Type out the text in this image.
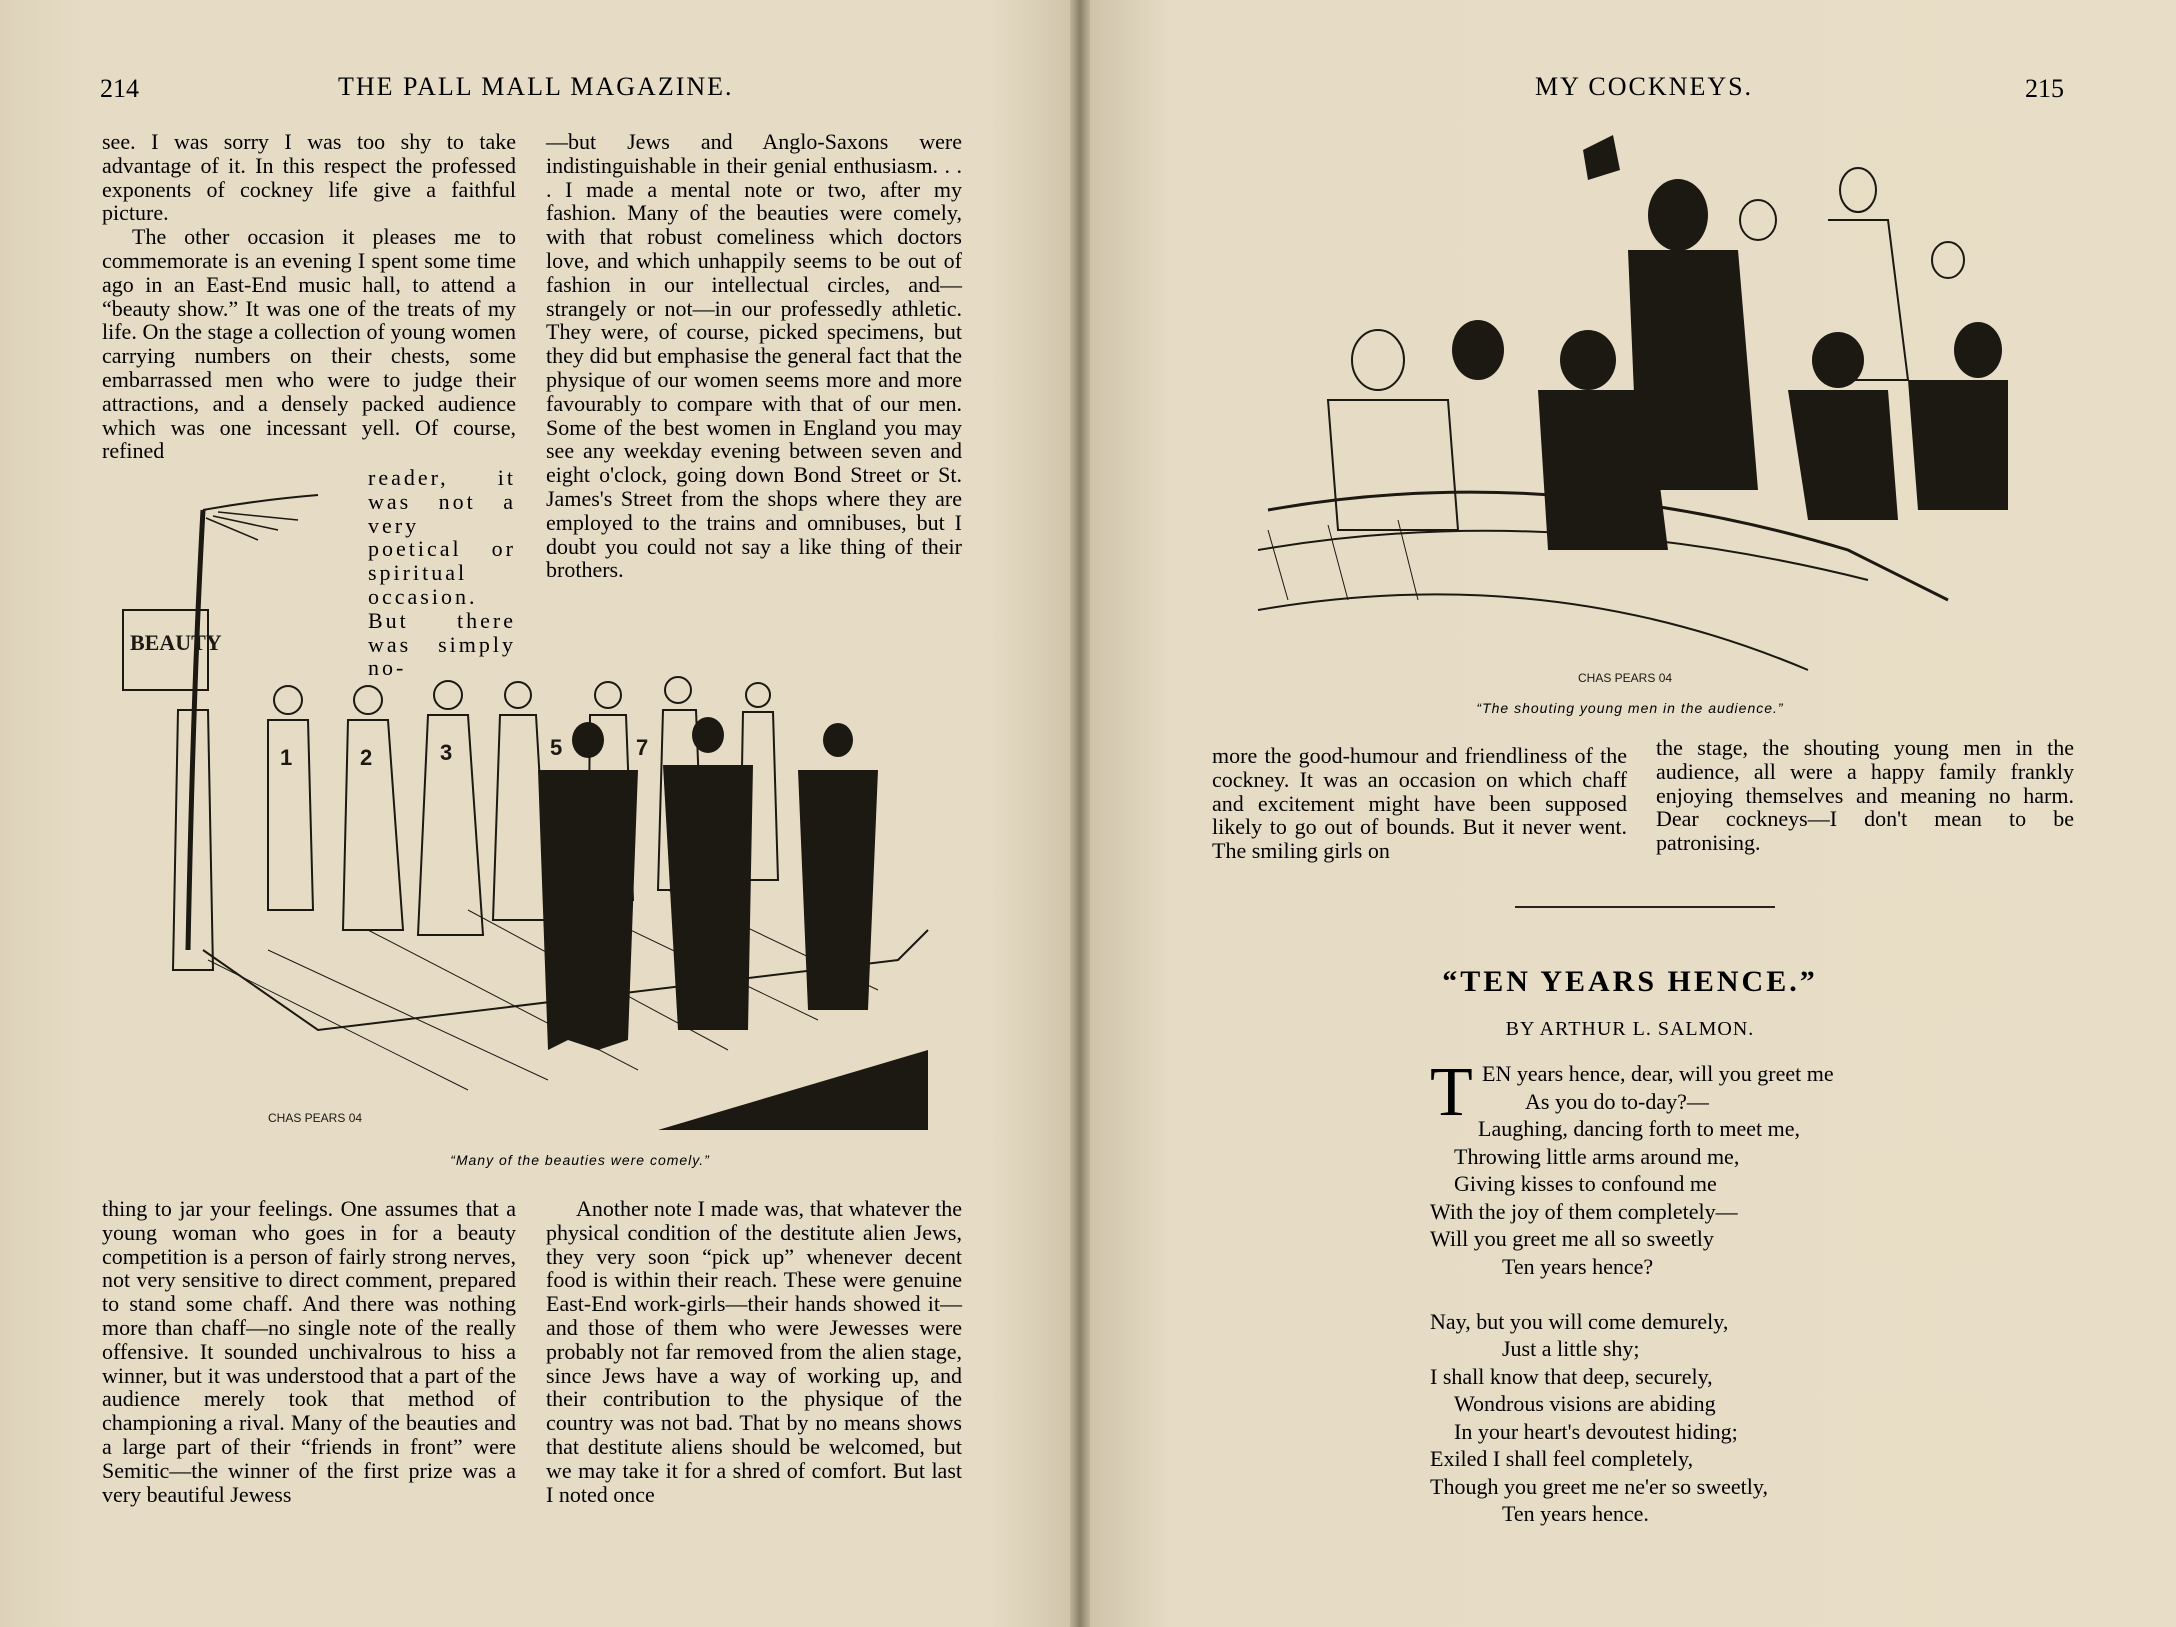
214	THE PALL MALL MAGAZINE.

see. I was sorry I was too shy to take advantage of it. In this respect the professed exponents of cockney life give a faithful picture.

The other occasion it pleases me to commemorate is an evening I spent some time ago in an East-End music hall, to attend a “beauty show.” It was one of the treats of my life. On the stage a collection of young women carrying numbers on their chests, some embarrassed men who were to judge their attractions, and a densely packed audience which was one incessant yell. Of course, refined

reader, it was not a very poetical or spiritual occasion. But there was simply no-
—but Jews and Anglo-Saxons were indistinguishable in their genial enthusiasm. . . . I made a mental note or two, after my fashion. Many of the beauties were comely, with that robust comeliness which doctors love, and which unhappily seems to be out of fashion in our intellectual circles, and—strangely or not—in our professedly athletic. They were, of course, picked specimens, but they did but emphasise the general fact that the physique of our women seems more and more favourably to compare with that of our men. Some of the best women in England you may see any weekday evening between seven and eight o'clock, going down Bond Street or St. James's Street from the shops where they are employed to the trains and omnibuses, but I doubt you could not say a like thing of their brothers.
BEAUTY
1	2	3	5	7
CHAS PEARS 04
“Many of the beauties were comely.”
thing to jar your feelings. One assumes that a young woman who goes in for a beauty competition is a person of fairly strong nerves, not very sensitive to direct comment, prepared to stand some chaff. And there was nothing more than chaff—no single note of the really offensive. It sounded unchivalrous to hiss a winner, but it was understood that a part of the audience merely took that method of championing a rival. Many of the beauties and a large part of their “friends in front” were Semitic—the winner of the first prize was a very beautiful Jewess
Another note I made was, that whatever the physical condition of the destitute alien Jews, they very soon “pick up” whenever decent food is within their reach. These were genuine East-End work-girls—their hands showed it—and those of them who were Jewesses were probably not far removed from the alien stage, since Jews have a way of working up, and their contribution to the physique of the country was not bad. That by no means shows that destitute aliens should be welcomed, but we may take it for a shred of comfort. But last I noted once
MY COCKNEYS.	215
CHAS PEARS 04
“The shouting young men in the audience.”
more the good-humour and friendliness of the cockney. It was an occasion on which chaff and excitement might have been supposed likely to go out of bounds. But it never went. The smiling girls on
the stage, the shouting young men in the audience, all were a happy family frankly enjoying themselves and meaning no harm. Dear cockneys—I don't mean to be patronising.
“TEN YEARS HENCE.”
BY ARTHUR L. SALMON.
T EN years hence, dear, will you greet me
As you do to-day?—
Laughing, dancing forth to meet me,
Throwing little arms around me,
Giving kisses to confound me
With the joy of them completely—
Will you greet me all so sweetly
Ten years hence?
Nay, but you will come demurely,
Just a little shy;
I shall know that deep, securely,
Wondrous visions are abiding
In your heart's devoutest hiding;
Exiled I shall feel completely,
Though you greet me ne'er so sweetly,
Ten years hence.
